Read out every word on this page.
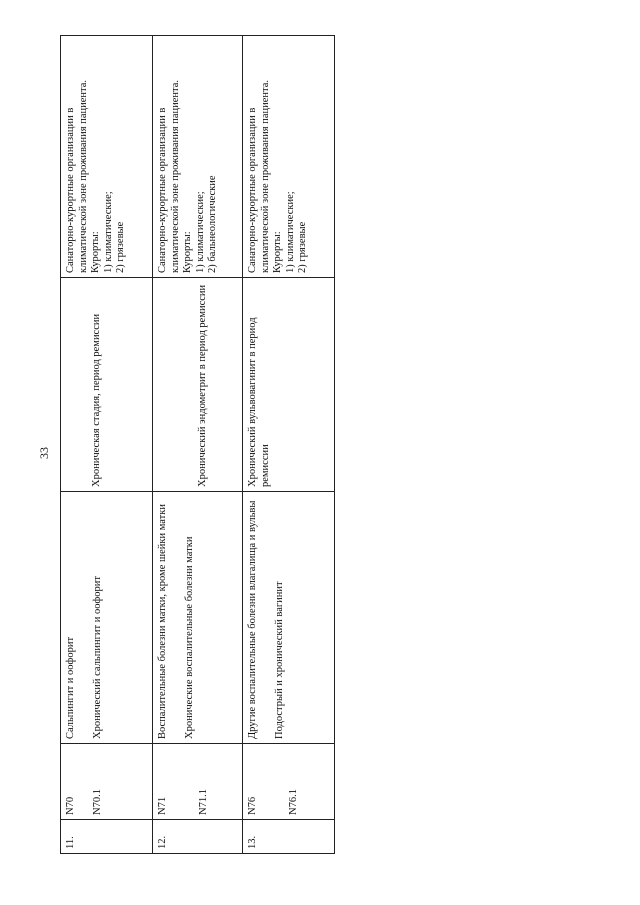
33
11.	N70 N70.1	Сальпингит и оофорит Хронический сальпингит и оофорит	Хроническая стадия, период ремиссии	Санаторно-курортные организации в климатической зоне проживания пациента. Курорты: 1) климатические; 2) грязевые

12.	N71 N71.1	Воспалительные болезни матки, кроме шейки матки Хронические воспалительные болезни матки	Хронический эндометрит в период ремиссии	Санаторно-курортные организации в климатической зоне проживания пациента. Курорты: 1) климатические; 2) бальнеологические

13.	N76 N76.1	Другие воспалительные болезни влагалища и вульвы Подострый и хронический вагинит	Хронический вульвовагинит в период ремиссии	Санаторно-курортные организации в климатической зоне проживания пациента. Курорты: 1) климатические; 2) грязевые
